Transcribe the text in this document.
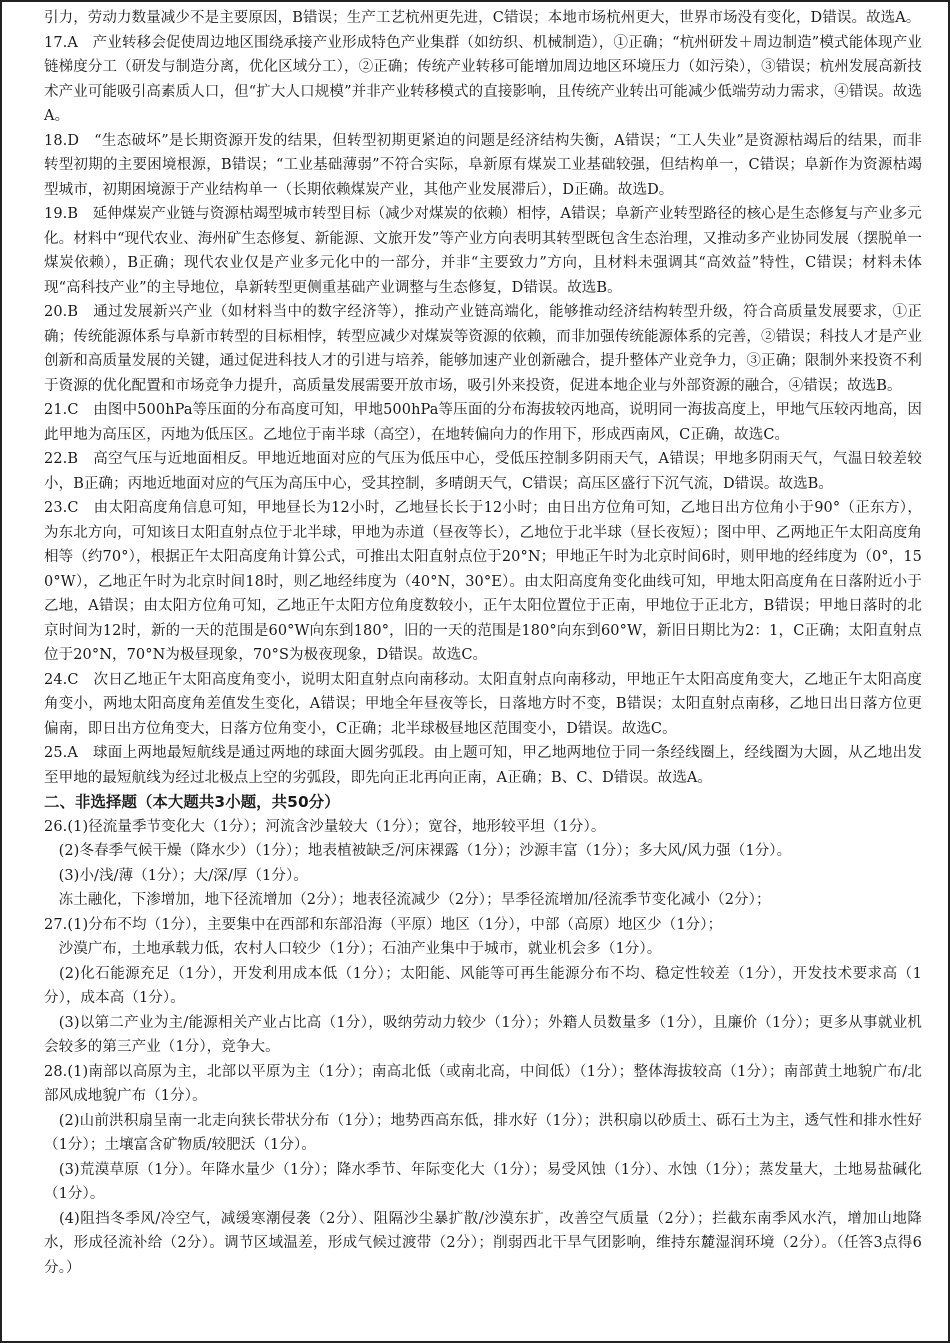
引力，劳动力数量减少不是主要原因，B错误；生产工艺杭州更先进，C错误；本地市场杭州更大，世界市场没有变化，D错误。故选A。

17.A　产业转移会促使周边地区围绕承接产业形成特色产业集群（如纺织、机械制造），①正确；“杭州研发＋周边制造”模式能体现产业链梯度分工（研发与制造分离，优化区域分工），②正确；传统产业转移可能增加周边地区环境压力（如污染），③错误；杭州发展高新技术产业可能吸引高素质人口，但“扩大人口规模”并非产业转移模式的直接影响，且传统产业转出可能减少低端劳动力需求，④错误。故选A。

18.D　“生态破坏”是长期资源开发的结果，但转型初期更紧迫的问题是经济结构失衡，A错误；“工人失业”是资源枯竭后的结果，而非转型初期的主要困境根源，B错误；“工业基础薄弱”不符合实际，阜新原有煤炭工业基础较强，但结构单一，C错误；阜新作为资源枯竭型城市，初期困境源于产业结构单一（长期依赖煤炭产业，其他产业发展滞后），D正确。故选D。

19.B　延伸煤炭产业链与资源枯竭型城市转型目标（减少对煤炭的依赖）相悖，A错误；阜新产业转型路径的核心是生态修复与产业多元化。材料中“现代农业、海州矿生态修复、新能源、文旅开发”等产业方向表明其转型既包含生态治理，又推动多产业协同发展（摆脱单一煤炭依赖），B正确；现代农业仅是产业多元化中的一部分，并非“主要致力”方向，且材料未强调其“高效益”特性，C错误；材料未体现“高科技产业”的主导地位，阜新转型更侧重基础产业调整与生态修复，D错误。故选B。

20.B　通过发展新兴产业（如材料当中的数字经济等），推动产业链高端化，能够推动经济结构转型升级，符合高质量发展要求，①正确；传统能源体系与阜新市转型的目标相悖，转型应减少对煤炭等资源的依赖，而非加强传统能源体系的完善，②错误；科技人才是产业创新和高质量发展的关键，通过促进科技人才的引进与培养，能够加速产业创新融合，提升整体产业竞争力，③正确；限制外来投资不利于资源的优化配置和市场竞争力提升，高质量发展需要开放市场，吸引外来投资，促进本地企业与外部资源的融合，④错误；故选B。

21.C　由图中500hPa等压面的分布高度可知，甲地500hPa等压面的分布海拔较丙地高，说明同一海拔高度上，甲地气压较丙地高，因此甲地为高压区，丙地为低压区。乙地位于南半球（高空），在地转偏向力的作用下，形成西南风，C正确，故选C。

22.B　高空气压与近地面相反。甲地近地面对应的气压为低压中心，受低压控制多阴雨天气，A错误；甲地多阴雨天气，气温日较差较小，B正确；丙地近地面对应的气压为高压中心，受其控制，多晴朗天气，C错误；高压区盛行下沉气流，D错误。故选B。

23.C　由太阳高度角信息可知，甲地昼长为12小时，乙地昼长长于12小时；由日出方位角可知，乙地日出方位角小于90°（正东方），为东北方向，可知该日太阳直射点位于北半球，甲地为赤道（昼夜等长），乙地位于北半球（昼长夜短）；图中甲、乙两地正午太阳高度角相等（约70°），根据正午太阳高度角计算公式，可推出太阳直射点位于20°N；甲地正午时为北京时间6时，则甲地的经纬度为（0°，150°W），乙地正午时为北京时间18时，则乙地经纬度为（40°N，30°E）。由太阳高度角变化曲线可知，甲地太阳高度角在日落附近小于乙地，A错误；由太阳方位角可知，乙地正午太阳方位角度数较小，正午太阳位置位于正南，甲地位于正北方，B错误；甲地日落时的北京时间为12时，新的一天的范围是60°W向东到180°，旧的一天的范围是180°向东到60°W，新旧日期比为2：1，C正确；太阳直射点位于20°N，70°N为极昼现象，70°S为极夜现象，D错误。故选C。

24.C　次日乙地正午太阳高度角变小，说明太阳直射点向南移动。太阳直射点向南移动，甲地正午太阳高度角变大，乙地正午太阳高度角变小，两地太阳高度角差值发生变化，A错误；甲地全年昼夜等长，日落地方时不变，B错误；太阳直射点南移，乙地日出日落方位更偏南，即日出方位角变大，日落方位角变小，C正确；北半球极昼地区范围变小，D错误。故选C。

25.A　球面上两地最短航线是通过两地的球面大圆劣弧段。由上题可知，甲乙地两地位于同一条经线圈上，经线圈为大圆，从乙地出发至甲地的最短航线为经过北极点上空的劣弧段，即先向正北再向正南，A正确；B、C、D错误。故选A。

二、非选择题（本大题共3小题，共50分）

26.(1)径流量季节变化大（1分）；河流含沙量较大（1分）；宽谷，地形较平坦（1分）。

　(2)冬春季气候干燥（降水少）（1分）；地表植被缺乏/河床裸露（1分）；沙源丰富（1分）；多大风/风力强（1分）。

　(3)小/浅/薄（1分）；大/深/厚（1分）。

　冻土融化，下渗增加，地下径流增加（2分）；地表径流减少（2分）；旱季径流增加/径流季节变化减小（2分）；

27.(1)分布不均（1分），主要集中在西部和东部沿海（平原）地区（1分），中部（高原）地区少（1分）；

　沙漠广布，土地承载力低，农村人口较少（1分）；石油产业集中于城市，就业机会多（1分）。

　(2)化石能源充足（1分），开发利用成本低（1分）；太阳能、风能等可再生能源分布不均、稳定性较差（1分），开发技术要求高（1分），成本高（1分）。

　(3)以第二产业为主/能源相关产业占比高（1分），吸纳劳动力较少（1分）；外籍人员数量多（1分），且廉价（1分）；更多从事就业机会较多的第三产业（1分），竞争大。

28.(1)南部以高原为主，北部以平原为主（1分）；南高北低（或南北高，中间低）（1分）；整体海拔较高（1分）；南部黄土地貌广布/北部风成地貌广布（1分）。

　(2)山前洪积扇呈南一北走向狭长带状分布（1分）；地势西高东低，排水好（1分）；洪积扇以砂质土、砾石土为主，透气性和排水性好（1分）；土壤富含矿物质/较肥沃（1分）。

　(3)荒漠草原（1分）。年降水量少（1分）；降水季节、年际变化大（1分）；易受风蚀（1分）、水蚀（1分）；蒸发量大，土地易盐碱化（1分）。

　(4)阻挡冬季风/冷空气，减缓寒潮侵袭（2分）、阻隔沙尘暴扩散/沙漠东扩，改善空气质量（2分）；拦截东南季风水汽，增加山地降水，形成径流补给（2分）。调节区域温差，形成气候过渡带（2分）；削弱西北干旱气团影响，维持东麓湿润环境（2分）。（任答3点得6分。）
